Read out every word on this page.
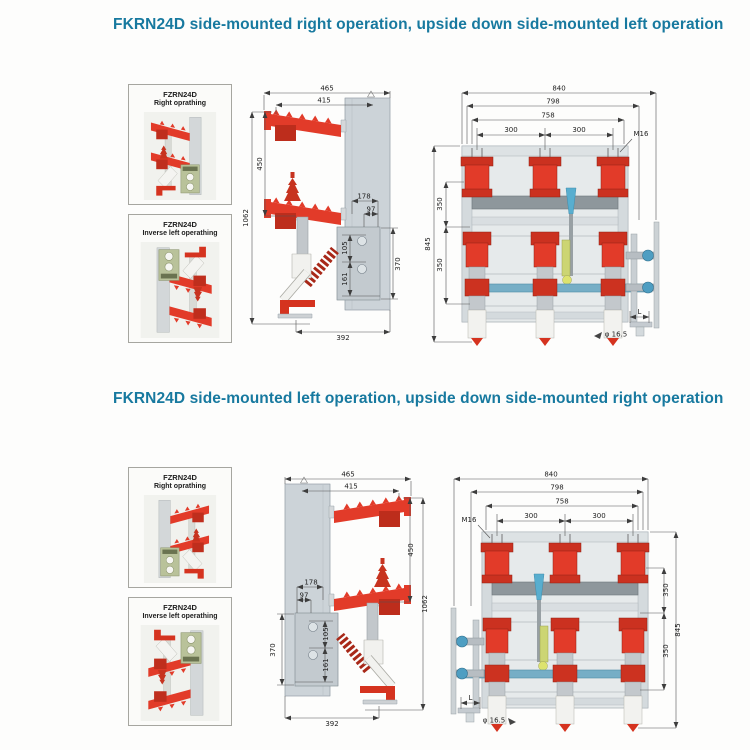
FKRN24D side-mounted right operation, upside down side-mounted left operation
FZRN24D
Right oprathing
FZRN24D
Inverse left operathing
465
415
1062
450
178
97
105
161
370
392
840
798
758
300	300	M16
845
350
350
L
φ 16.5
FKRN24D side-mounted left operation, upside down side-mounted right operation
FZRN24D
Right oprathing
FZRN24D
Inverse left operathing
465
415
1062
450
178
97
105
161
370
392
840
798
758
300
300
M16
845
350
350
L
φ 16.5
